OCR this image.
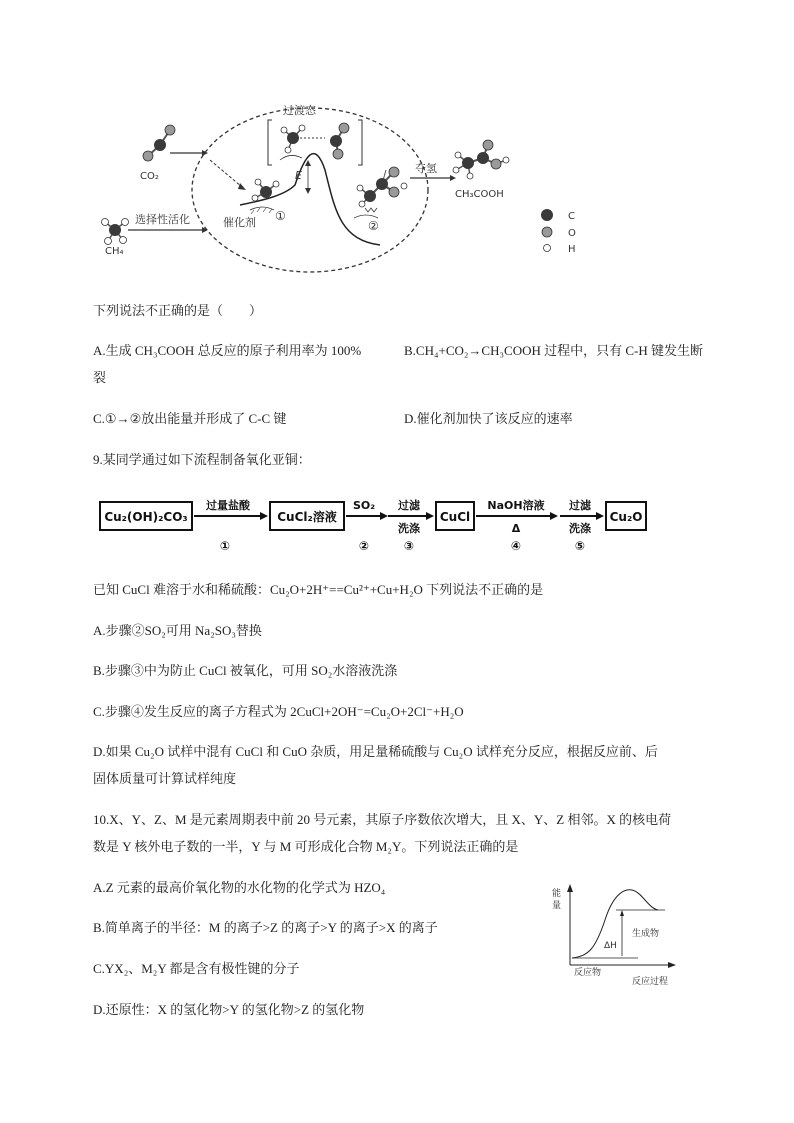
CO₂
CH₄
选择性活化
E
催化剂 ①
过渡态
②
夺氢
CH₃COOH
C
O
H
下列说法不正确的是（　　）
A.生成 CH₃COOH 总反应的原子利用率为 100%	B.CH₄+CO₂→CH₃COOH 过程中，只有 C-H 键发生断
裂
C.①→②放出能量并形成了 C-C 键	D.催化剂加快了该反应的速率
9.某同学通过如下流程制备氧化亚铜：
Cu₂(OH)₂CO₃
过量盐酸
①
CuCl₂溶液
SO₂
②
过滤
洗涤
③
CuCl
NaOH溶液
Δ
④
过滤
洗涤
⑤
Cu₂O
已知 CuCl 难溶于水和稀硫酸：Cu₂O+2H⁺==Cu²⁺+Cu+H₂O 下列说法不正确的是
A.步骤②SO₂可用 Na₂SO₃替换
B.步骤③中为防止 CuCl 被氧化，可用 SO₂水溶液洗涤
C.步骤④发生反应的离子方程式为 2CuCl+2OH⁻=Cu₂O+2Cl⁻+H₂O
D.如果 Cu₂O 试样中混有 CuCl 和 CuO 杂质，用足量稀硫酸与 Cu₂O 试样充分反应，根据反应前、后
固体质量可计算试样纯度
10.X、Y、Z、M 是元素周期表中前 20 号元素，其原子序数依次增大，且 X、Y、Z 相邻。X 的核电荷
数是 Y 核外电子数的一半，Y 与 M 可形成化合物 M₂Y。下列说法正确的是
A.Z 元素的最高价氧化物的水化物的化学式为 HZO₄
B.简单离子的半径：M 的离子>Z 的离子>Y 的离子>X 的离子
C.YX₂、M₂Y 都是含有极性键的分子
D.还原性：X 的氢化物>Y 的氢化物>Z 的氢化物
能
量
ΔH
生成物
反应物
反应过程
